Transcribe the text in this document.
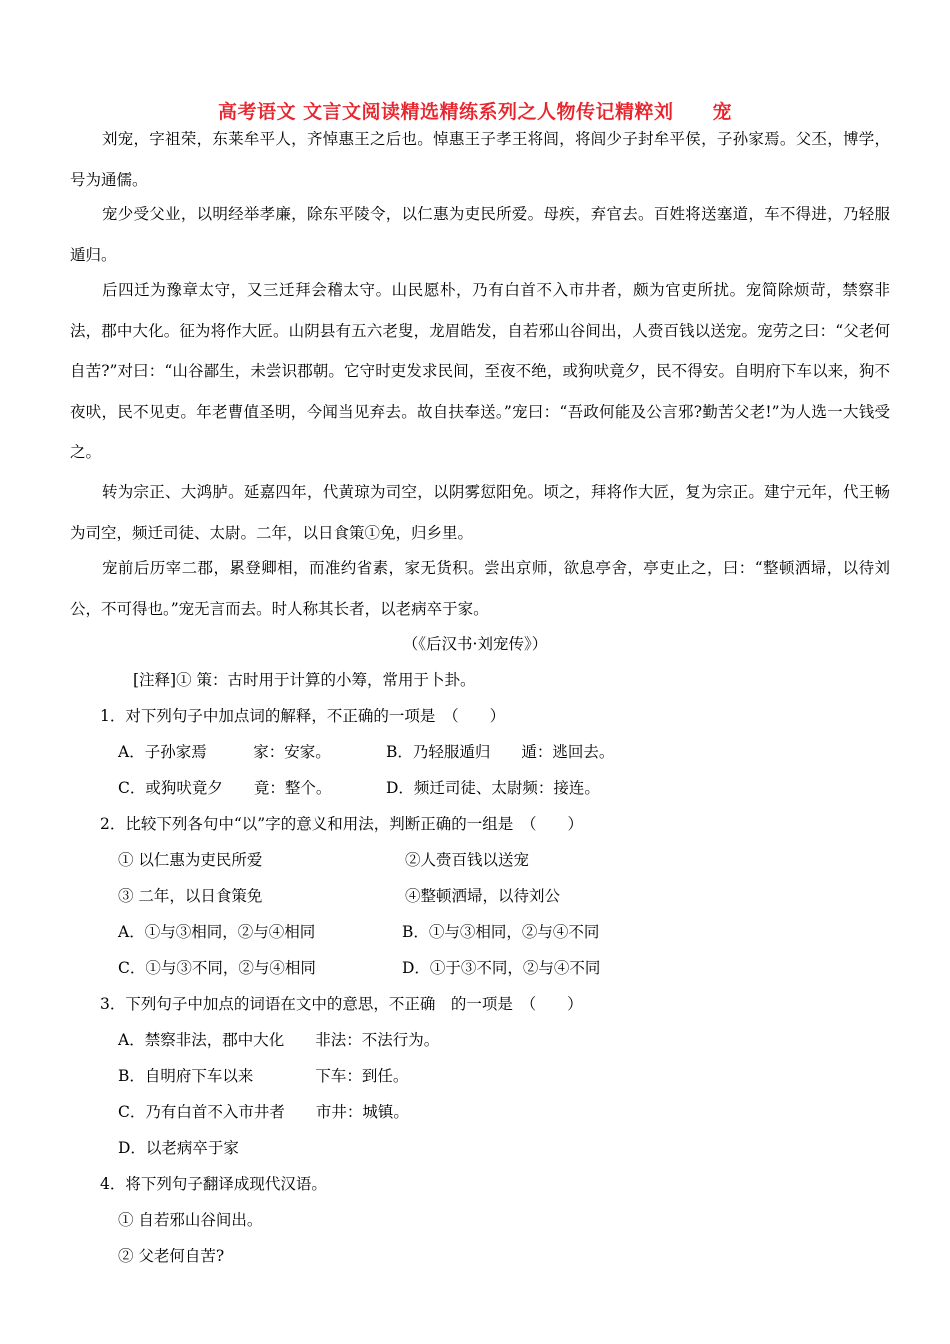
高考语文 文言文阅读精选精练系列之人物传记精粹刘　　宠
刘宠，字祖荣，东莱牟平人，齐悼惠王之后也。悼惠王子孝王将闾，将闾少子封牟平侯，子孙家焉。父丕，博学，号为通儒。
宠少受父业，以明经举孝廉，除东平陵令，以仁惠为吏民所爱。母疾，弃官去。百姓将送塞道，车不得进，乃轻服遁归。
后四迁为豫章太守，又三迁拜会稽太守。山民愿朴，乃有白首不入市井者，颇为官吏所扰。宠简除烦苛，禁察非法，郡中大化。征为将作大匠。山阴县有五六老叟，龙眉皓发，自若邪山谷间出，人赍百钱以送宠。宠劳之曰：“父老何自苦?”对曰：“山谷鄙生，未尝识郡朝。它守时吏发求民间，至夜不绝，或狗吠竟夕，民不得安。自明府下车以来，狗不夜吠，民不见吏。年老曹值圣明，今闻当见弃去。故自扶奉送。”宠曰：“吾政何能及公言邪?勤苦父老!”为人选一大钱受之。
转为宗正、大鸿胪。延嘉四年，代黄琼为司空，以阴雾愆阳免。顷之，拜将作大匠，复为宗正。建宁元年，代王畅为司空，频迁司徒、太尉。二年，以日食策①免，归乡里。
宠前后历宰二郡，累登卿相，而准约省素，家无货积。尝出京师，欲息亭舍，亭吏止之，曰：“整顿洒埽，以待刘公，不可得也。”宠无言而去。时人称其长者，以老病卒于家。
（《后汉书·刘宠传》）
[注释]① 策：古时用于计算的小筹，常用于卜卦。
1．对下列句子中加点词的解释，不正确的一项是　（　　）
A．子孙家焉　　　家：安家。	B．乃轻服遁归　　遁：逃回去。
C．或狗吠竟夕　　竟：整个。	D．频迁司徒、太尉频：接连。
2．比较下列各句中“以”字的意义和用法，判断正确的一组是　（　　）
① 以仁惠为吏民所爱	②人赍百钱以送宠
③ 二年，以日食策免	④整顿洒埽，以待刘公
A．①与③相同，②与④相同	B．①与③相同，②与④不同
C．①与③不同，②与④相同	D．①于③不同，②与④不同
3．下列句子中加点的词语在文中的意思，不正确　的一项是　（　　）
A．禁察非法，郡中大化　　非法：不法行为。
B．自明府下车以来　　　　下车：到任。
C．乃有白首不入市井者　　市井：城镇。
D．以老病卒于家
4．将下列句子翻译成现代汉语。
① 自若邪山谷间出。
② 父老何自苦?
